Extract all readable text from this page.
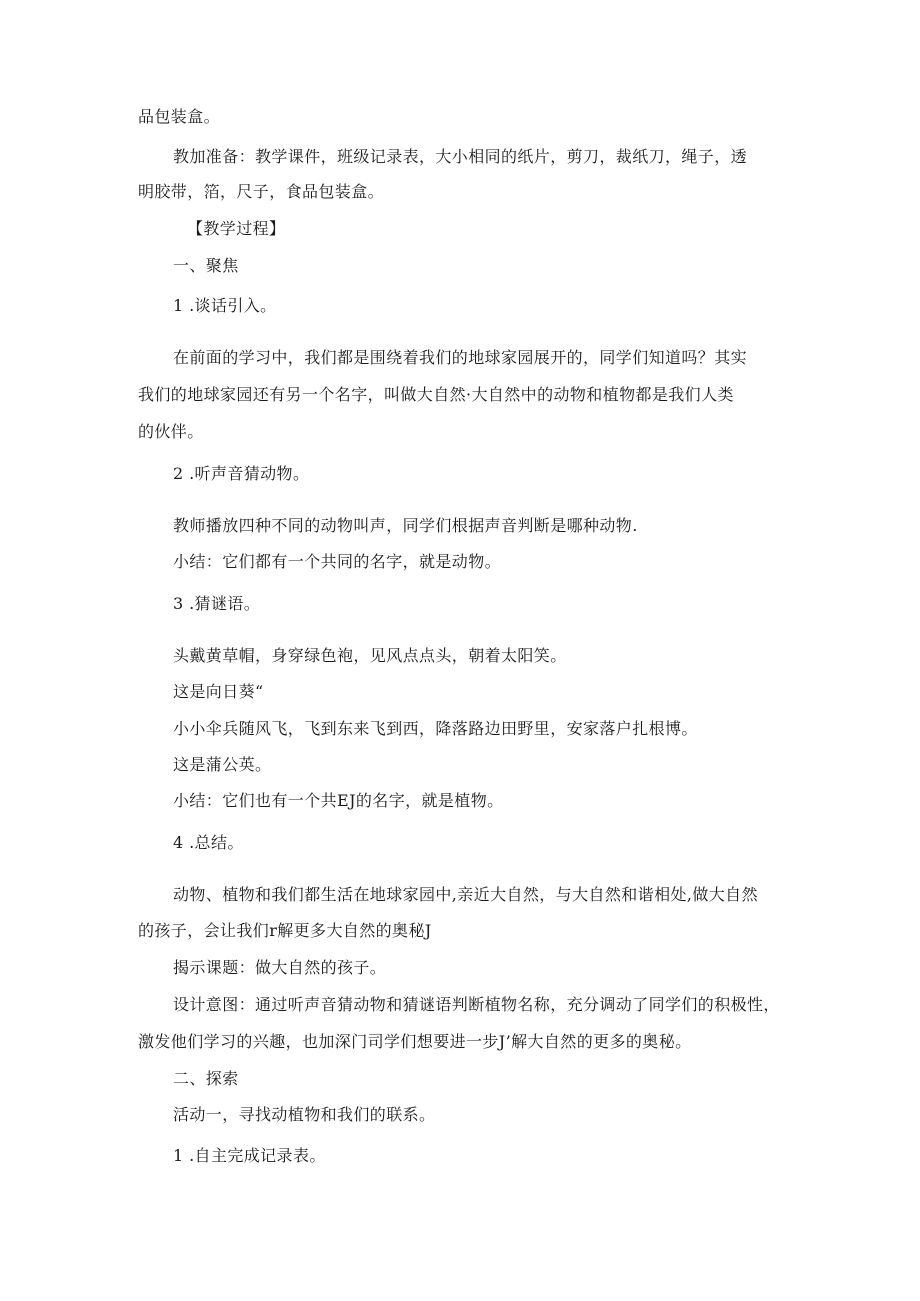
品包装盒。
教加准备：教学课件，班级记录表，大小相同的纸片，剪刀，裁纸刀，绳子，透
明胶带，箔，尺子，食品包装盒。
【教学过程】
一、聚焦
1 .谈话引入。
在前面的学习中，我们都是围绕着我们的地球家园展开的，同学们知道吗？其实
我们的地球家园还有另一个名字，叫做大自然·大自然中的动物和植物都是我们人类
的伙伴。
2 .听声音猜动物。
教师播放四种不同的动物叫声，同学们根据声音判断是哪种动物.
小结：它们都有一个共同的名字，就是动物。
3 .猜谜语。
头戴黄草帽，身穿绿色袍，见风点点头，朝着太阳笑。
这是向日葵“
小小伞兵随风飞，飞到东来飞到西，降落路边田野里，安家落户扎根博。
这是蒲公英。
小结：它们也有一个共EJ的名字，就是植物。
4 .总结。
动物、植物和我们都生活在地球家园中,亲近大自然，与大自然和谐相处,做大自然
的孩子，会让我们r解更多大自然的奥秘J
揭示课题：做大自然的孩子。
设计意图：通过听声音猜动物和猜谜语判断植物名称，充分调动了同学们的积极性，
激发他们学习的兴趣，也加深门司学们想要进一步J’解大自然的更多的奥秘。
二、探索
活动一，寻找动植物和我们的联系。
1 .自主完成记录表。
